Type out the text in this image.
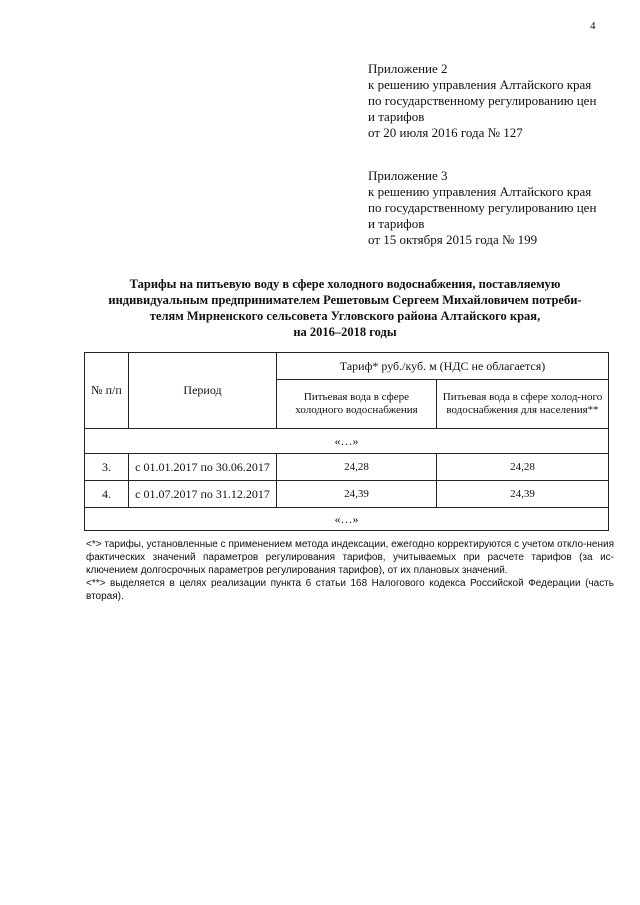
4
Приложение 2
к решению управления Алтайского края
по государственному регулированию цен
и тарифов
от 20 июля 2016 года № 127
Приложение 3
к решению управления Алтайского края
по государственному регулированию цен
и тарифов
от 15 октября 2015 года № 199
Тарифы на питьевую воду в сфере холодного водоснабжения, поставляемую
индивидуальным предпринимателем Решетовым Сергеем Михайловичем потреби-
телям Мирненского сельсовета Угловского района Алтайского края,
на 2016–2018 годы
№ п/п	Период	Тариф* руб./куб. м (НДС не облагается)	
		Питьевая вода в сфере холодного водоснабжения	Питьевая вода в сфере холод-ного водоснабжения для населения**
«…»			
3.	с 01.01.2017 по 30.06.2017	24,28	24,28
4.	с 01.07.2017 по 31.12.2017	24,39	24,39
«…»			

<*> тарифы, установленные с применением метода индексации, ежегодно корректируются с учетом откло-нения фактических значений параметров регулирования тарифов, учитываемых при расчете тарифов (за ис-ключением долгосрочных параметров регулирования тарифов), от их плановых значений.

<**> выделяется в целях реализации пункта 6 статьи 168 Налогового кодекса Российской Федерации (часть вторая).
